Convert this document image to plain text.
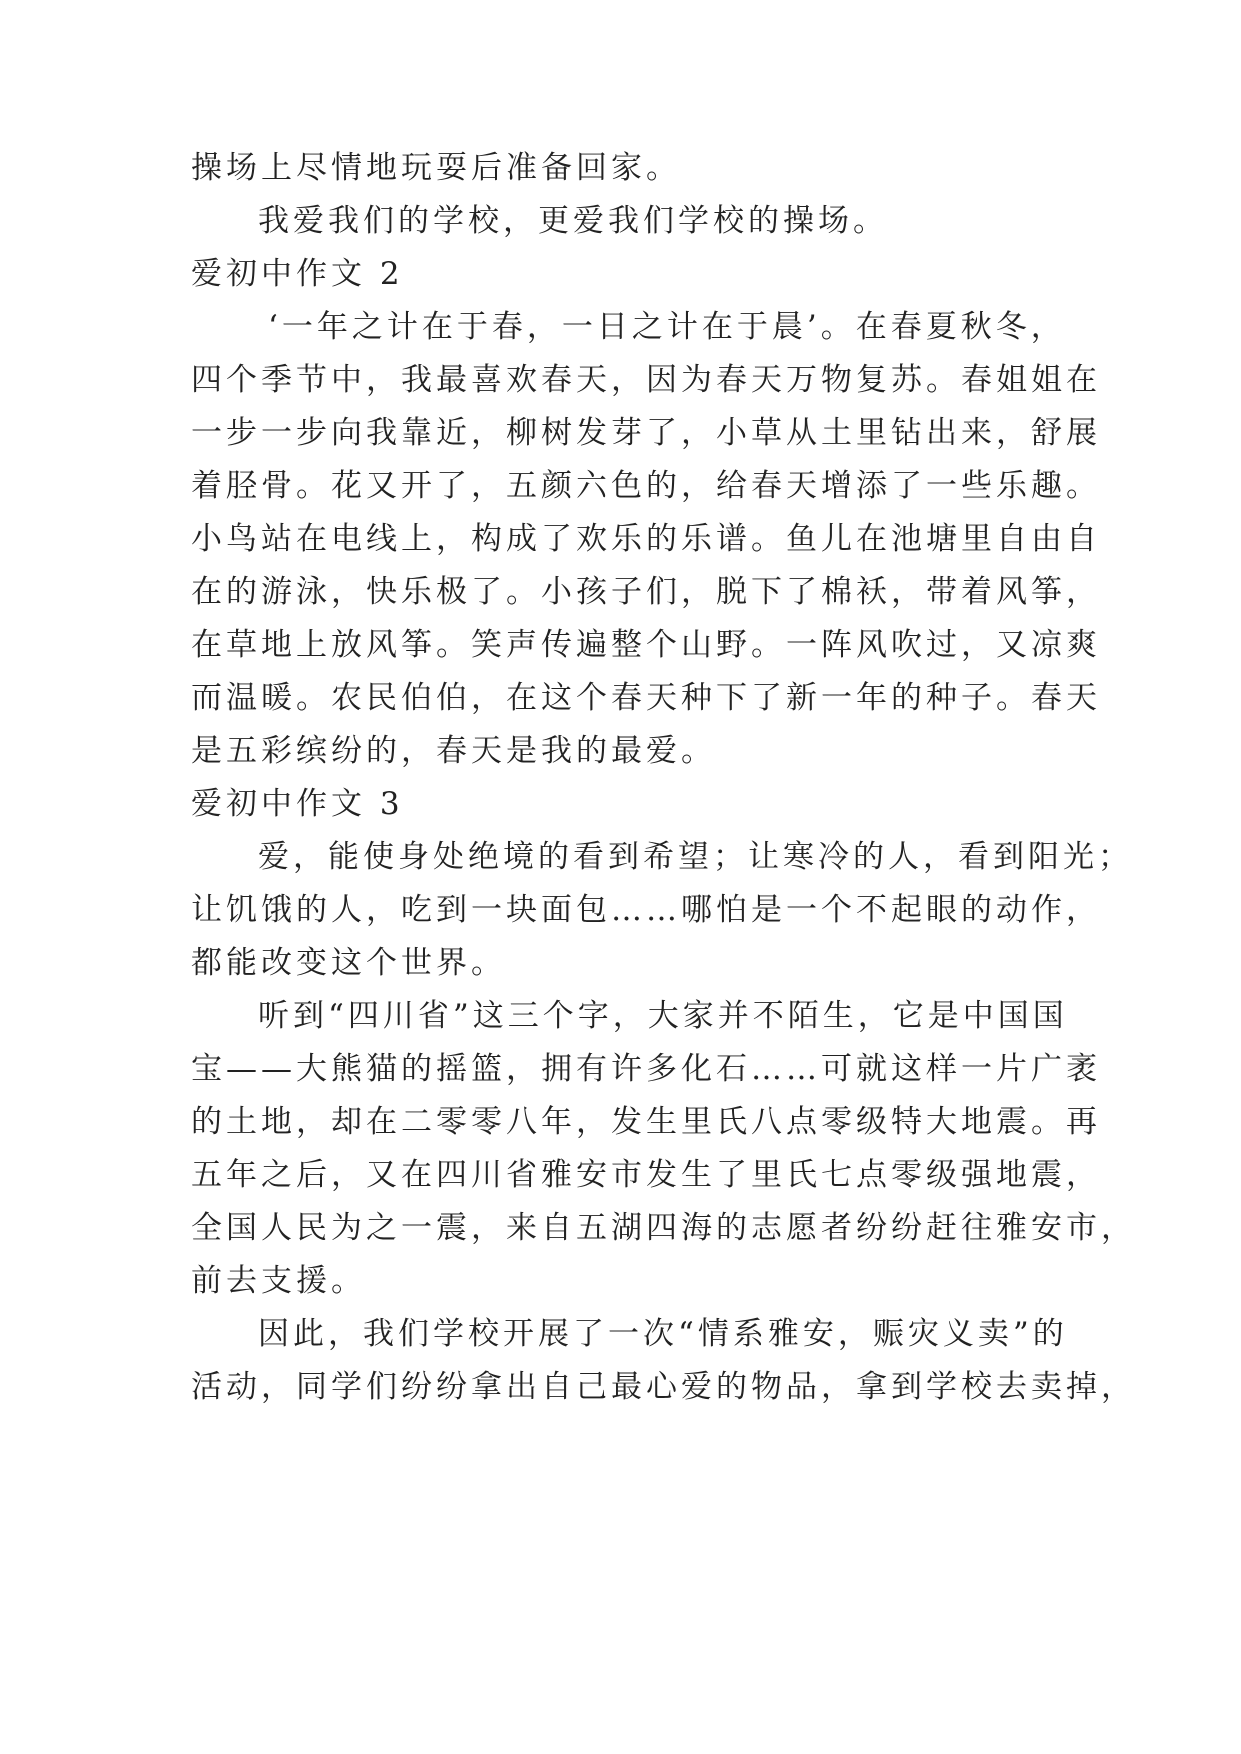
操场上尽情地玩耍后准备回家。
我爱我们的学校，更爱我们学校的操场。
爱初中作文 2
‘一年之计在于春，一日之计在于晨’。在春夏秋冬，
四个季节中，我最喜欢春天，因为春天万物复苏。春姐姐在
一步一步向我靠近，柳树发芽了，小草从土里钻出来，舒展
着胫骨。花又开了，五颜六色的，给春天增添了一些乐趣。
小鸟站在电线上，构成了欢乐的乐谱。鱼儿在池塘里自由自
在的游泳，快乐极了。小孩子们，脱下了棉袄，带着风筝，
在草地上放风筝。笑声传遍整个山野。一阵风吹过，又凉爽
而温暖。农民伯伯，在这个春天种下了新一年的种子。春天
是五彩缤纷的，春天是我的最爱。
爱初中作文 3
爱，能使身处绝境的看到希望；让寒冷的人，看到阳光；
让饥饿的人，吃到一块面包……哪怕是一个不起眼的动作，
都能改变这个世界。
听到“四川省”这三个字，大家并不陌生，它是中国国
宝——大熊猫的摇篮，拥有许多化石……可就这样一片广袤
的土地，却在二零零八年，发生里氏八点零级特大地震。再
五年之后，又在四川省雅安市发生了里氏七点零级强地震，
全国人民为之一震，来自五湖四海的志愿者纷纷赶往雅安市，
前去支援。
因此，我们学校开展了一次“情系雅安，赈灾义卖”的
活动，同学们纷纷拿出自己最心爱的物品，拿到学校去卖掉，
